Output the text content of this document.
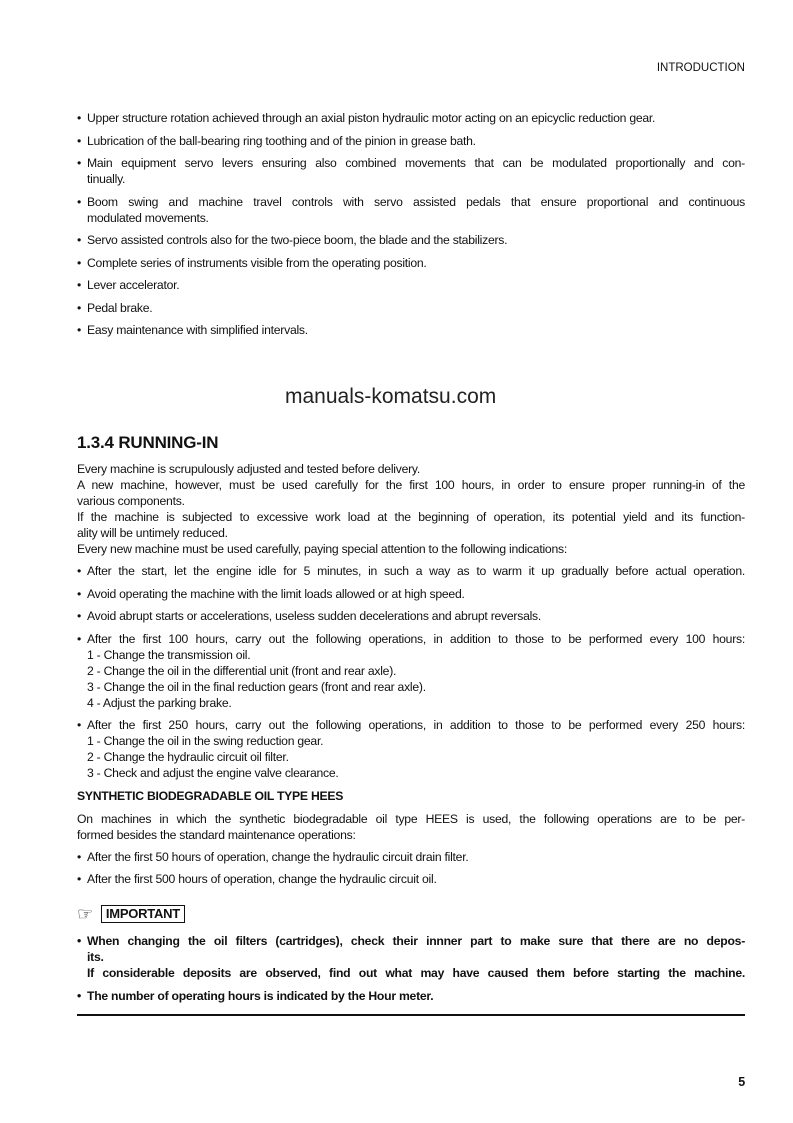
INTRODUCTION
• Upper structure rotation achieved through an axial piston hydraulic motor acting on an epicyclic reduction gear.
• Lubrication of the ball-bearing ring toothing and of the pinion in grease bath.
• Main equipment servo levers ensuring also combined movements that can be modulated proportionally and con-
tinually.
• Boom swing and machine travel controls with servo assisted pedals that ensure proportional and continuous
modulated movements.
• Servo assisted controls also for the two-piece boom, the blade and the stabilizers.
• Complete series of instruments visible from the operating position.
• Lever accelerator.
• Pedal brake.
• Easy maintenance with simplified intervals.
1.3.4 RUNNING-IN
Every machine is scrupulously adjusted and tested before delivery.
A new machine, however, must be used carefully for the first 100 hours, in order to ensure proper running-in of the
various components.
If the machine is subjected to excessive work load at the beginning of operation, its potential yield and its function-
ality will be untimely reduced.
Every new machine must be used carefully, paying special attention to the following indications:
• After the start, let the engine idle for 5 minutes, in such a way as to warm it up gradually before actual operation.
• Avoid operating the machine with the limit loads allowed or at high speed.
• Avoid abrupt starts or accelerations, useless sudden decelerations and abrupt reversals.
• After the first 100 hours, carry out the following operations, in addition to those to be performed every 100 hours:
1 - Change the transmission oil.
2 - Change the oil in the differential unit (front and rear axle).
3 - Change the oil in the final reduction gears (front and rear axle).
4 - Adjust the parking brake.
• After the first 250 hours, carry out the following operations, in addition to those to be performed every 250 hours:
1 - Change the oil in the swing reduction gear.
2 - Change the hydraulic circuit oil filter.
3 - Check and adjust the engine valve clearance.
SYNTHETIC BIODEGRADABLE OIL TYPE HEES
On machines in which the synthetic biodegradable oil type HEES is used, the following operations are to be per-
formed besides the standard maintenance operations:
• After the first 50 hours of operation, change the hydraulic circuit drain filter.
• After the first 500 hours of operation, change the hydraulic circuit oil.
☞	IMPORTANT
• When changing the oil filters (cartridges), check their innner part to make sure that there are no depos-
its.
If considerable deposits are observed, find out what may have caused them before starting the machine.
• The number of operating hours is indicated by the Hour meter.
manuals-komatsu.com
5
